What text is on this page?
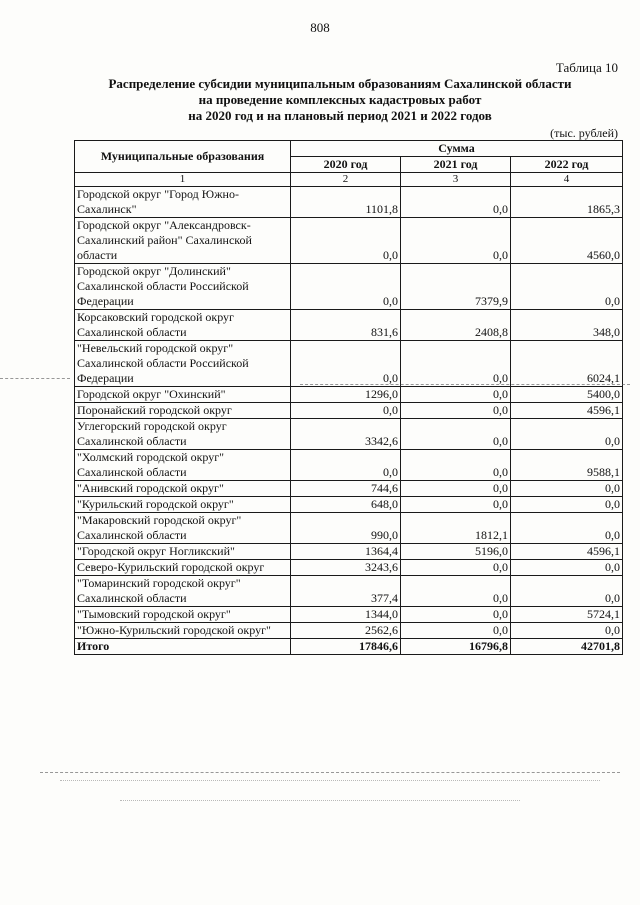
808
Таблица 10
Распределение субсидии муниципальным образованиям Сахалинской области
на проведение комплексных кадастровых работ
на 2020 год и на плановый период 2021 и 2022 годов
(тыс. рублей)
Муниципальные образования	Сумма		
	2020 год	2021 год	2022 год
1	2	3	4
Городской округ "Город Южно-Сахалинск"	1101,8	0,0	1865,3
Городской округ "Александровск-Сахалинский район" Сахалинской области	0,0	0,0	4560,0
Городской округ "Долинский" Сахалинской области Российской Федерации	0,0	7379,9	0,0
Корсаковский городской округ Сахалинской области	831,6	2408,8	348,0
"Невельский городской округ" Сахалинской области Российской Федерации	0,0	0,0	6024,1
Городской округ "Охинский"	1296,0	0,0	5400,0
Поронайский городской округ	0,0	0,0	4596,1
Углегорский городской округ Сахалинской области	3342,6	0,0	0,0
"Холмский городской округ" Сахалинской области	0,0	0,0	9588,1
"Анивский городской округ"	744,6	0,0	0,0
"Курильский городской округ"	648,0	0,0	0,0
"Макаровский городской округ" Сахалинской области	990,0	1812,1	0,0
"Городской округ Ногликский"	1364,4	5196,0	4596,1
Северо-Курильский городской округ	3243,6	0,0	0,0
"Томаринский городской округ" Сахалинской области	377,4	0,0	0,0
"Тымовский городской округ"	1344,0	0,0	5724,1
"Южно-Курильский городской округ"	2562,6	0,0	0,0
Итого	17846,6	16796,8	42701,8
